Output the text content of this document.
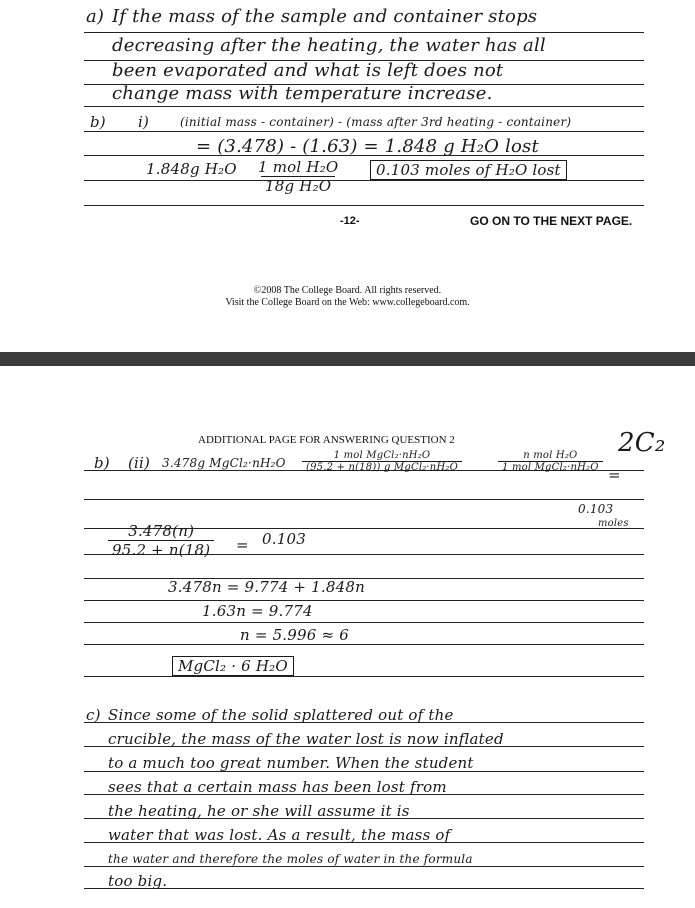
a) If the mass of the sample and container stops
decreasing after the heating, the water has all
been evaporated and what is left does not
change mass with temperature increase.
b) i)	(initial mass - container) - (mass after 3rd heating - container)
= (3.478) - (1.63) = 1.848 g H₂O lost
1.848g H₂O 1 mol H₂O
18g H₂O
0.103 moles of H₂O lost
-12-	GO ON TO THE NEXT PAGE.
©2008 The College Board. All rights reserved.
Visit the College Board on the Web: www.collegeboard.com.
ADDITIONAL PAGE FOR ANSWERING QUESTION 2	2C₂
b) (ii) 3.478g MgCl₂·nH₂O
1 mol MgCl₂·nH₂O
(95.2 + n(18)) g MgCl₂·nH₂O
n mol H₂O
1 mol MgCl₂·nH₂O =
0.103
moles
$\frac{3.478(n)}{95.2 + n(18)} = 0.103$
3.478n = 9.774 + 1.848n
1.63n = 9.774
n = 5.996 ≈ 6
MgCl₂ · 6 H₂O
c) Since some of the solid splattered out of the
crucible, the mass of the water lost is now inflated
to a much too great number. When the student
sees that a certain mass has been lost from
the heating, he or she will assume it is
water that was lost. As a result, the mass of
the water and therefore the moles of water in the formula
too big.
